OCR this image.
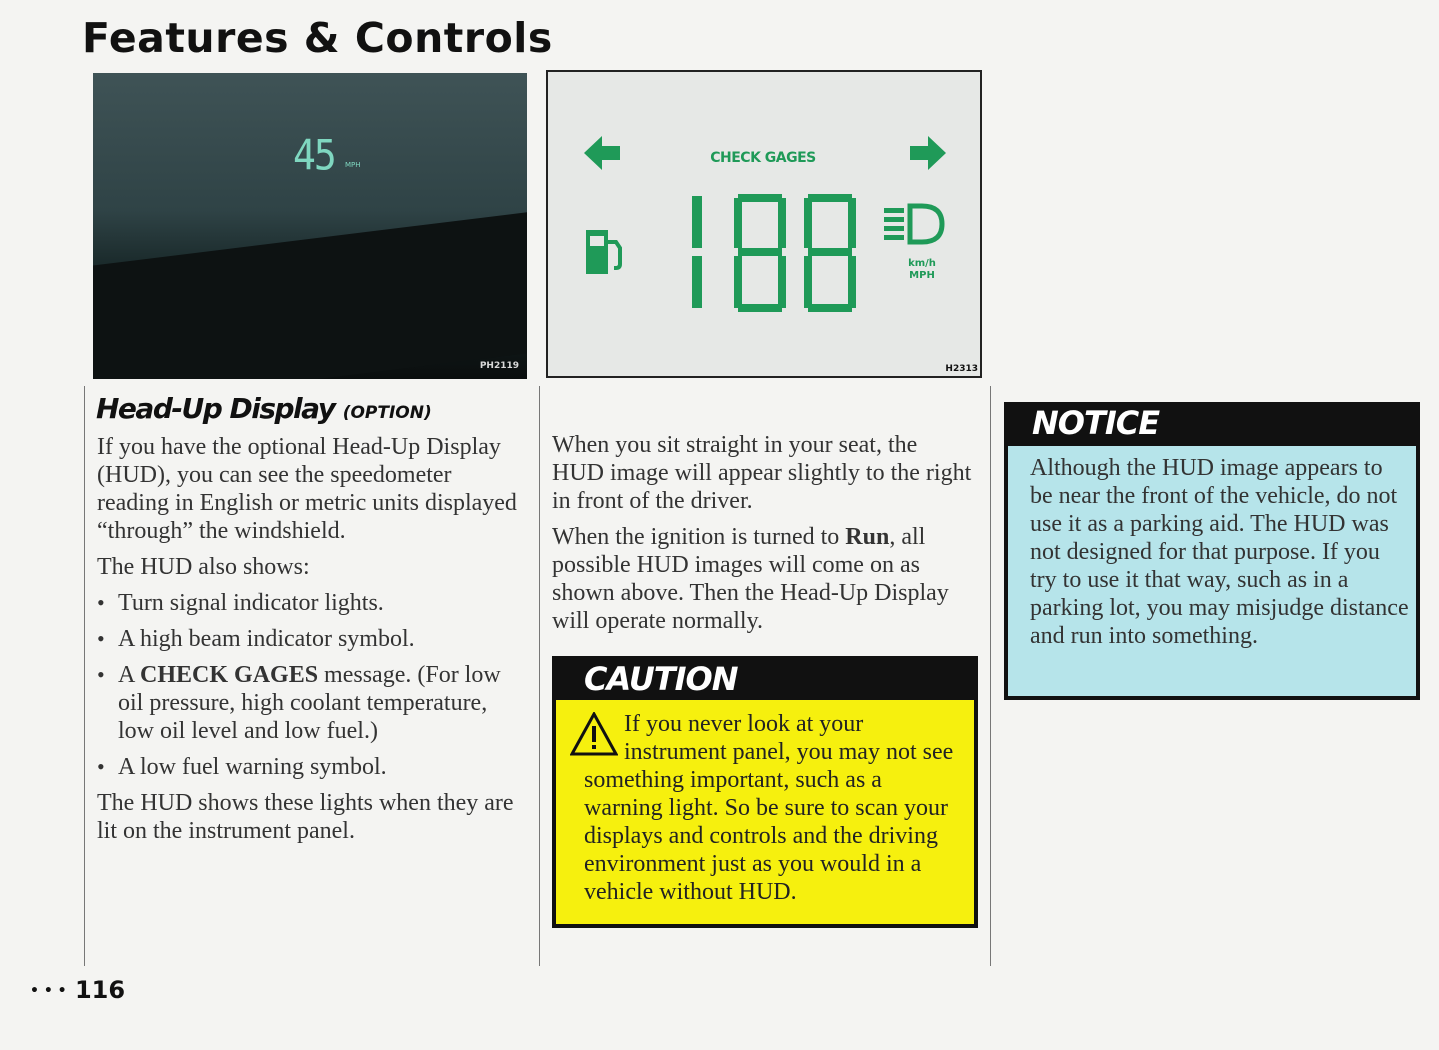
Features & Controls
45 MPH
PH2119
CHECK GAGES
km/h
MPH
H2313
Head-Up Display (OPTION)

If you have the optional Head-Up Display (HUD), you can see the speedometer reading in English or metric units displayed “through” the windshield.

The HUD also shows:

• Turn signal indicator lights.
• A high beam indicator symbol.
• A CHECK GAGES message. (For low oil pressure, high coolant temperature, low oil level and low fuel.)
• A low fuel warning symbol.

The HUD shows these lights when they are lit on the instrument panel.

When you sit straight in your seat, the HUD image will appear slightly to the right in front of the driver.

When the ignition is turned to Run, all possible HUD images will come on as shown above. Then the Head-Up Display will operate normally.

CAUTION
If you never look at your instrument panel, you may not see something important, such as a warning light. So be sure to scan your displays and controls and the driving environment just as you would in a vehicle without HUD.
NOTICE
Although the HUD image appears to be near the front of the vehicle, do not use it as a parking aid. The HUD was not designed for that purpose. If you try to use it that way, such as in a parking lot, you may misjudge distance and run into something.
• • • 116
